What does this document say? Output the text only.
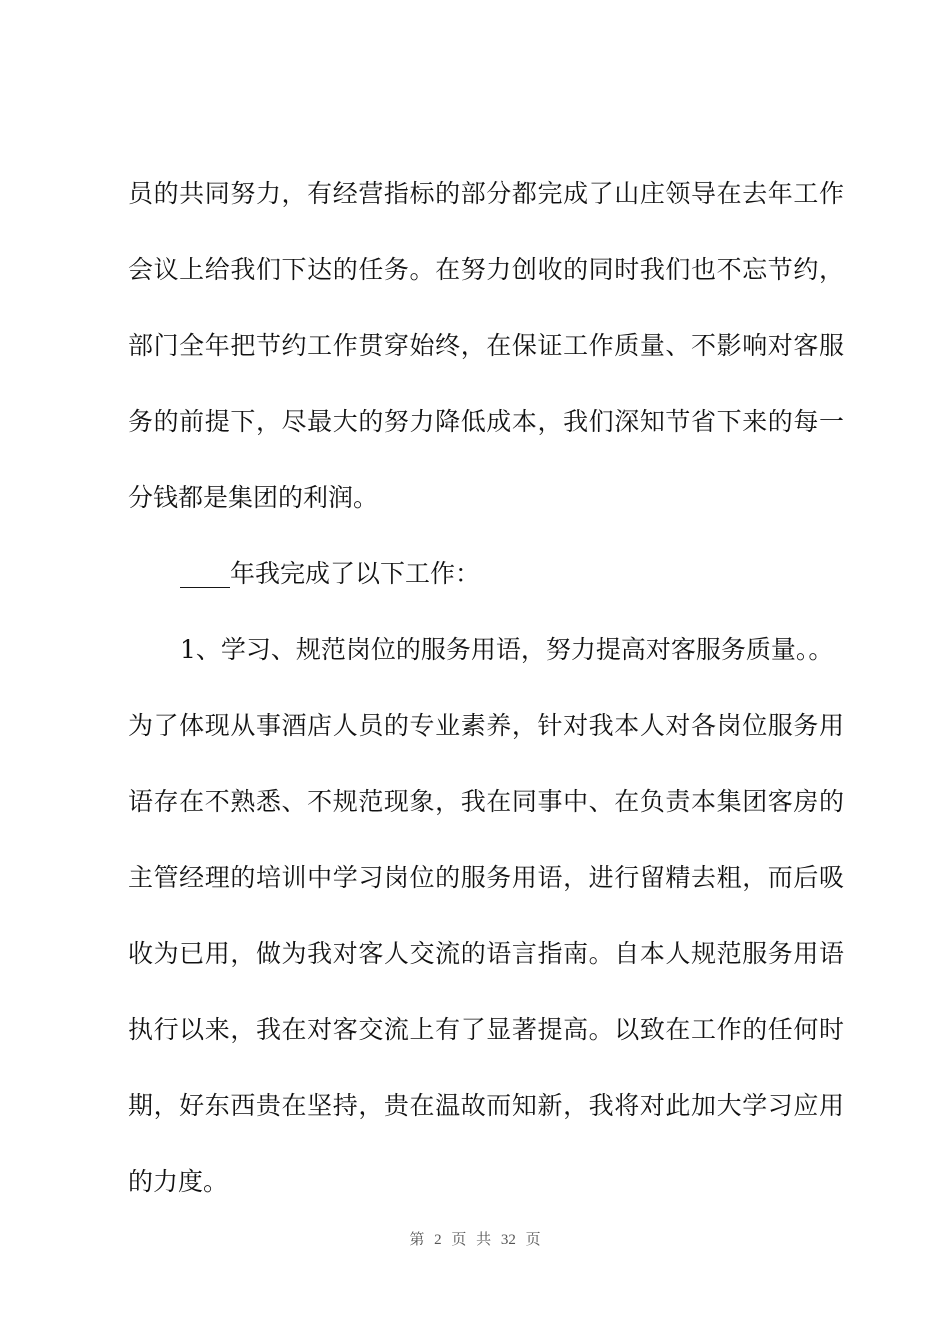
员的共同努力，有经营指标的部分都完成了山庄领导在去年工作
会议上给我们下达的任务。在努力创收的同时我们也不忘节约，
部门全年把节约工作贯穿始终，在保证工作质量、不影响对客服
务的前提下，尽最大的努力降低成本，我们深知节省下来的每一
分钱都是集团的利润。
____年我完成了以下工作：
1、学习、规范岗位的服务用语，努力提高对客服务质量。。
为了体现从事酒店人员的专业素养，针对我本人对各岗位服务用
语存在不熟悉、不规范现象，我在同事中、在负责本集团客房的
主管经理的培训中学习岗位的服务用语，进行留精去粗，而后吸
收为已用，做为我对客人交流的语言指南。自本人规范服务用语
执行以来，我在对客交流上有了显著提高。以致在工作的任何时
期，好东西贵在坚持，贵在温故而知新，我将对此加大学习应用
的力度。
第 2 页 共 32 页
